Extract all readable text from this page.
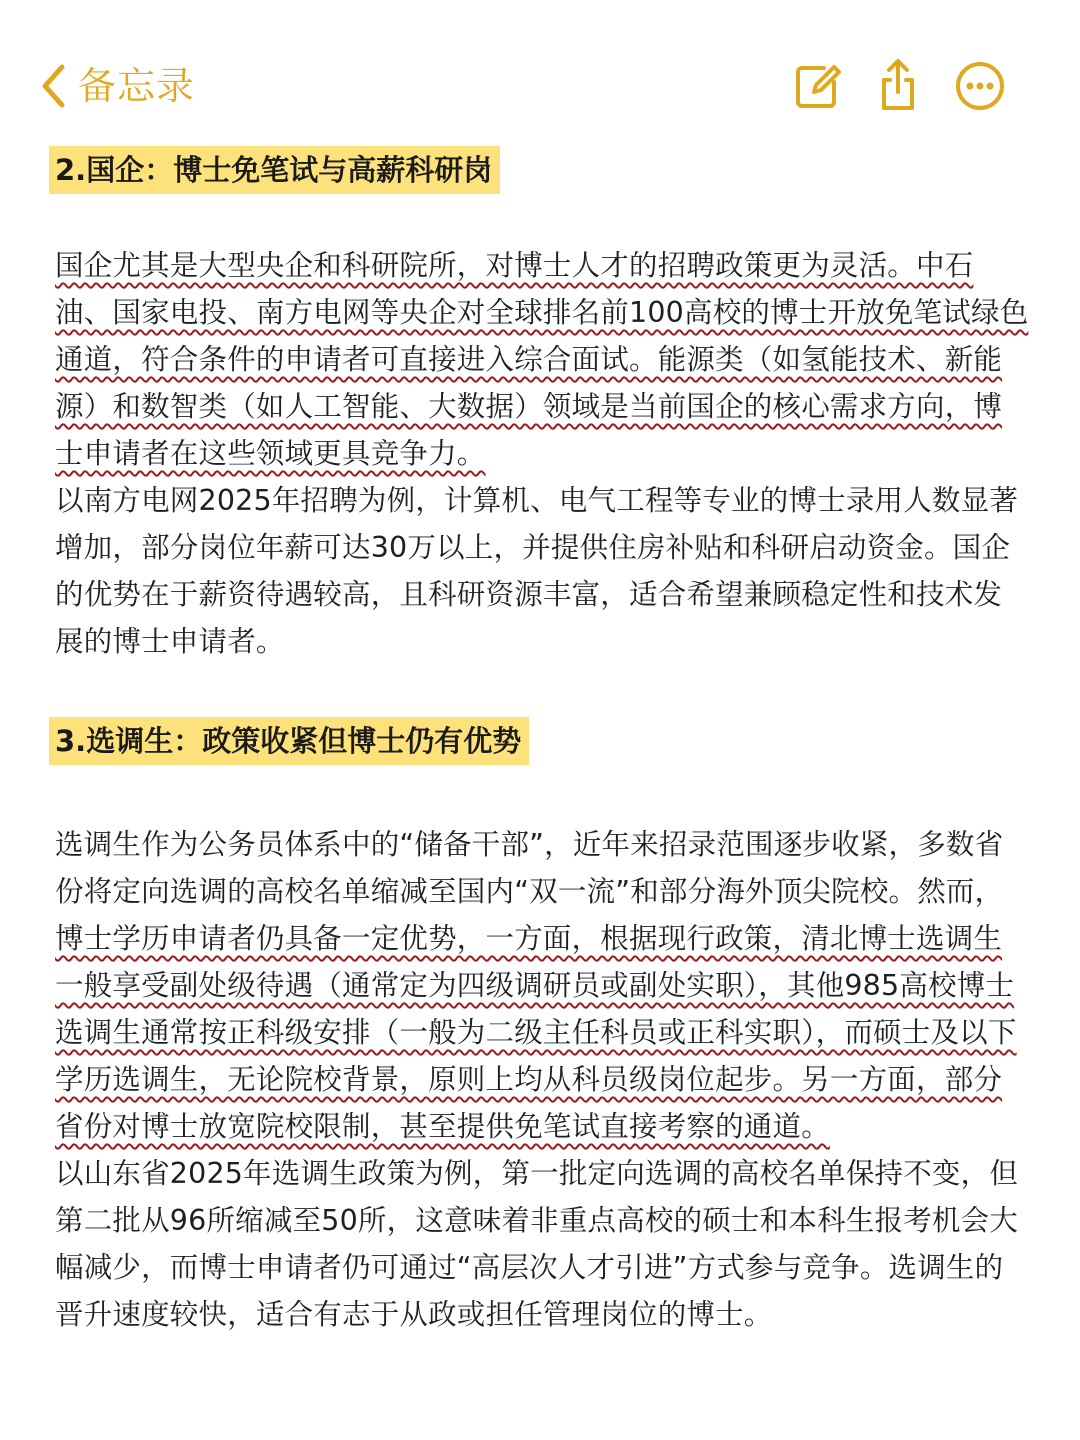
备忘录
2.国企：博士免笔试与高薪科研岗

国企尤其是大型央企和科研院所，对博士人才的招聘政策更为灵活。中石油、国家电投、南方电网等央企对全球排名前100高校的博士开放免笔试绿色通道，符合条件的申请者可直接进入综合面试。能源类（如氢能技术、新能源）和数智类（如人工智能、大数据）领域是当前国企的核心需求方向，博士申请者在这些领域更具竞争力。

以南方电网2025年招聘为例，计算机、电气工程等专业的博士录用人数显著增加，部分岗位年薪可达30万以上，并提供住房补贴和科研启动资金。国企的优势在于薪资待遇较高，且科研资源丰富，适合希望兼顾稳定性和技术发展的博士申请者。

3.选调生：政策收紧但博士仍有优势

选调生作为公务员体系中的“储备干部”，近年来招录范围逐步收紧，多数省份将定向选调的高校名单缩减至国内“双一流”和部分海外顶尖院校。然而，博士学历申请者仍具备一定优势，一方面，根据现行政策，清北博士选调生一般享受副处级待遇（通常定为四级调研员或副处实职），其他985高校博士选调生通常按正科级安排（一般为二级主任科员或正科实职），而硕士及以下学历选调生，无论院校背景，原则上均从科员级岗位起步。另一方面，部分省份对博士放宽院校限制，甚至提供免笔试直接考察的通道。

以山东省2025年选调生政策为例，第一批定向选调的高校名单保持不变，但第二批从96所缩减至50所，这意味着非重点高校的硕士和本科生报考机会大幅减少，而博士申请者仍可通过“高层次人才引进”方式参与竞争。选调生的晋升速度较快，适合有志于从政或担任管理岗位的博士。
